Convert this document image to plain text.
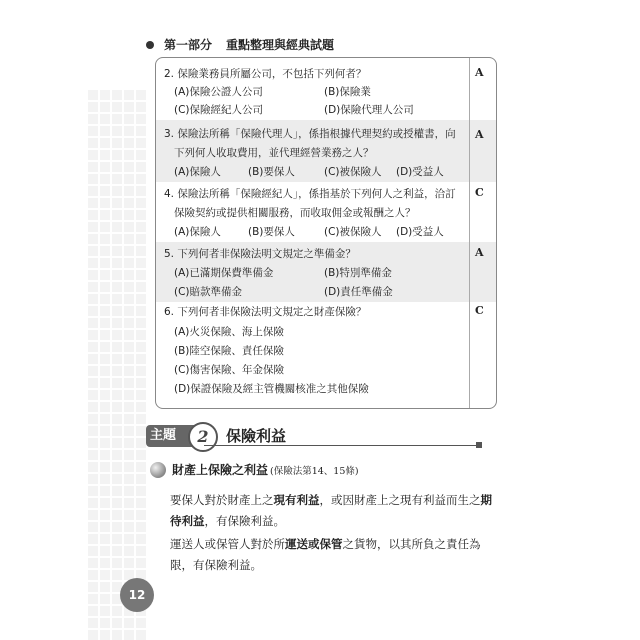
第一部分 重點整理與經典試題
2. 保險業務員所屬公司，不包括下列何者？
(A)保險公證人公司	(B)保險業
(C)保險經紀人公司	(D)保險代理人公司
A
3. 保險法所稱「保險代理人」，係指根據代理契約或授權書，向
下列何人收取費用，並代理經營業務之人？
(A)保險人	(B)要保人	(C)被保險人 (D)受益人
A
4. 保險法所稱「保險經紀人」，係指基於下列何人之利益，洽訂
保險契約或提供相關服務，而收取佣金或報酬之人？
(A)保險人	(B)要保人	(C)被保險人 (D)受益人
C
5. 下列何者非保險法明文規定之準備金？
(A)已滿期保費準備金	(B)特別準備金
(C)賠款準備金	(D)責任準備金
A
6. 下列何者非保險法明文規定之財產保險？
(A)火災保險、海上保險
(B)陸空保險、責任保險
(C)傷害保險、年金保險
(D)保證保險及經主管機關核准之其他保險
C
主題	2	保險利益
財產上保險之利益 (保險法第14、15條)
要保人對於財產上之現有利益，或因財產上之現有利益而生之期待利益，有保險利益。
運送人或保管人對於所運送或保管之貨物，以其所負之責任為限，有保險利益。
12
